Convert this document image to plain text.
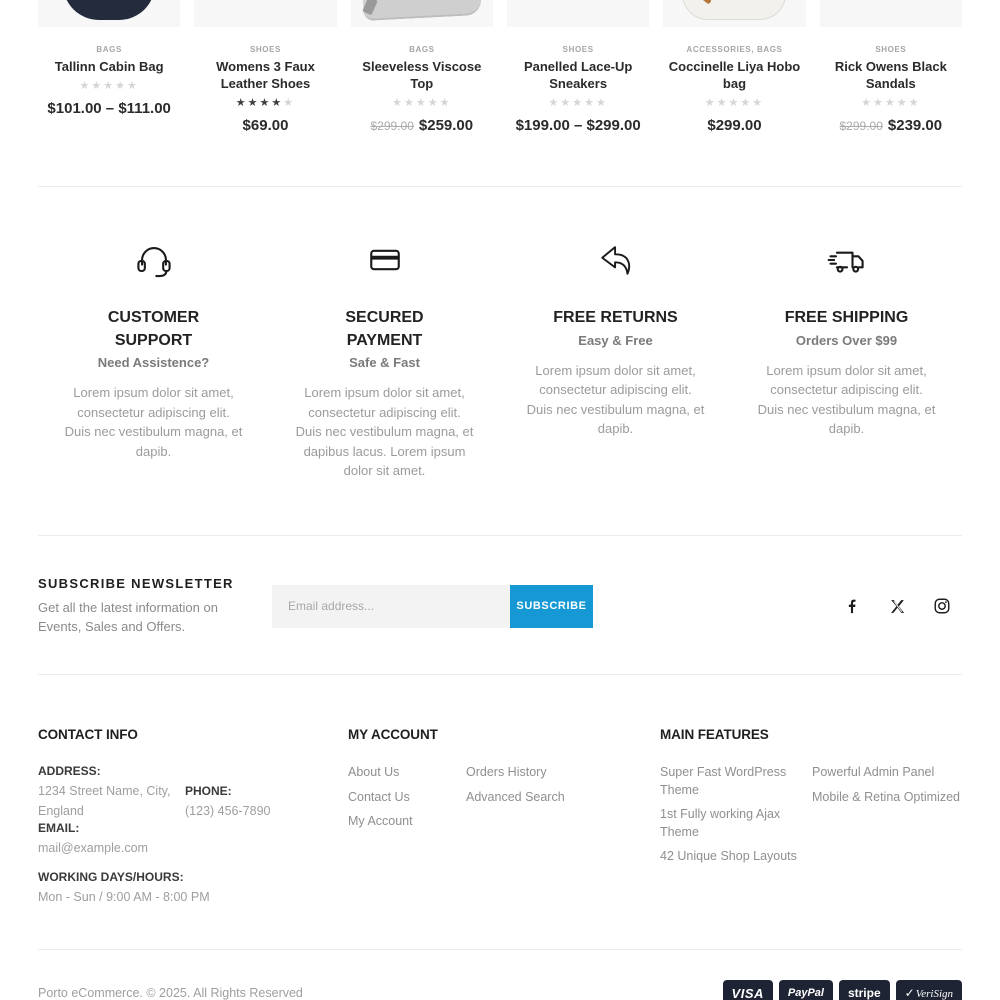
BAGS
Tallinn Cabin Bag
★★★★★
$101.00 – $111.00
SHOES
Womens 3 Faux Leather Shoes
★★★★★
$69.00
BAGS
Sleeveless Viscose Top
★★★★★
$299.00 $259.00
SHOES
Panelled Lace-Up Sneakers
★★★★★
$199.00 – $299.00
ACCESSORIES, BAGS
Coccinelle Liya Hobo bag
★★★★★
$299.00
SHOES
Rick Owens Black Sandals
★★★★★
$299.00 $239.00
CUSTOMER SUPPORT
Need Assistence?

Lorem ipsum dolor sit amet, consectetur adipiscing elit. Duis nec vestibulum magna, et dapib.

SECURED PAYMENT
Safe & Fast

Lorem ipsum dolor sit amet, consectetur adipiscing elit. Duis nec vestibulum magna, et dapibus lacus. Lorem ipsum dolor sit amet.

FREE RETURNS
Easy & Free

Lorem ipsum dolor sit amet, consectetur adipiscing elit. Duis nec vestibulum magna, et dapib.

FREE SHIPPING
Orders Over $99

Lorem ipsum dolor sit amet, consectetur adipiscing elit. Duis nec vestibulum magna, et dapib.

SUBSCRIBE NEWSLETTER
Get all the latest information on Events, Sales and Offers.
Email address...
SUBSCRIBE
CONTACT INFO
ADDRESS:
1234 Street Name, City, England
PHONE:
(123) 456-7890
EMAIL:
mail@example.com
WORKING DAYS/HOURS:
Mon - Sun / 9:00 AM - 8:00 PM
MY ACCOUNT
About Us
Contact Us
My Account
Orders History
Advanced Search
MAIN FEATURES
Super Fast WordPress Theme
1st Fully working Ajax Theme
42 Unique Shop Layouts
Powerful Admin Panel
Mobile & Retina Optimized
Porto eCommerce. © 2025. All Rights Reserved	VISA PayPal stripe	✓ VeriSign
